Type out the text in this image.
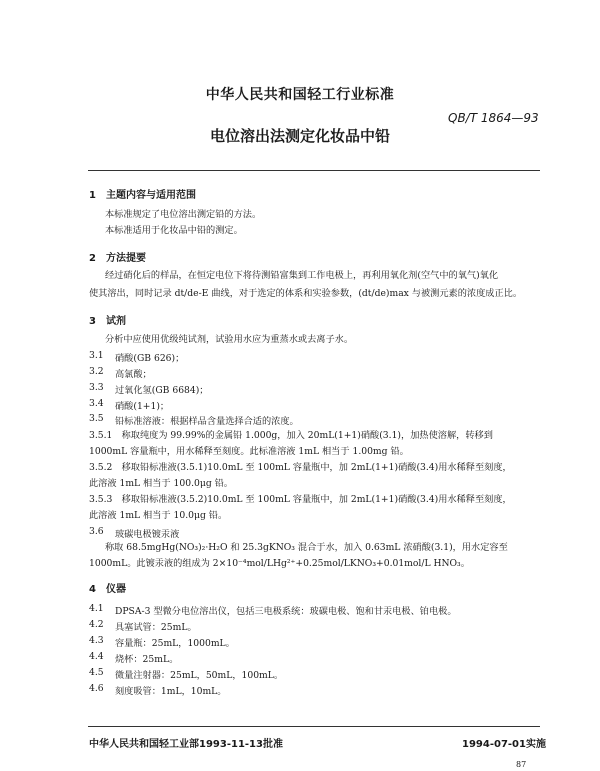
中华人民共和国轻工行业标准
QB/T 1864—93
电位溶出法测定化妆品中铅
1　 主题内容与适用范围
本标准规定了电位溶出测定铅的方法。
本标准适用于化妆品中铅的测定。
2　 方法提要
经过硝化后的样品，在恒定电位下将待测铅富集到工作电极上，再利用氧化剂(空气中的氧气)氧化
使其溶出，同时记录 dt/de-E 曲线，对于选定的体系和实验参数，(dt/de)max 与被测元素的浓度成正比。
3　 试剂
分析中应使用优级纯试剂，试验用水应为重蒸水或去离子水。
3.1 硝酸(GB 626)；
3.2 高氯酸；
3.3 过氧化氢(GB 6684)；
3.4 硝酸(1+1)；
3.5 铅标准溶液：根据样品含量选择合适的浓度。
3.5.1　称取纯度为 99.99%的金属铅 1.000g，加入 20mL(1+1)硝酸(3.1)，加热使溶解，转移到
1000mL 容量瓶中，用水稀释至刻度。此标准溶液 1mL 相当于 1.00mg 铅。
3.5.2　移取铅标准液(3.5.1)10.0mL 至 100mL 容量瓶中，加 2mL(1+1)硝酸(3.4)用水稀释至刻度，
此溶液 1mL 相当于 100.0μg 铅。
3.5.3　移取铅标准液(3.5.2)10.0mL 至 100mL 容量瓶中，加 2mL(1+1)硝酸(3.4)用水稀释至刻度，
此溶液 1mL 相当于 10.0μg 铅。
3.6 玻碳电极镀汞液
称取 68.5mgHg(NO₃)₂·H₂O 和 25.3gKNO₃ 混合于水，加入 0.63mL 浓硝酸(3.1)，用水定容至
1000mL。此镀汞液的组成为 2×10⁻⁴mol/LHg²⁺+0.25mol/LKNO₃+0.01mol/L HNO₃。
4　 仪器
4.1 DPSA-3 型微分电位溶出仪，包括三电极系统：玻碳电极、饱和甘汞电极、铂电极。
4.2 具塞试管：25mL。
4.3 容量瓶：25mL，1000mL。
4.4 烧杯：25mL。
4.5 微量注射器：25mL，50mL，100mL。
4.6 刻度吸管：1mL，10mL。
中华人民共和国轻工业部1993-11-13批准	1994-07-01实施
87
